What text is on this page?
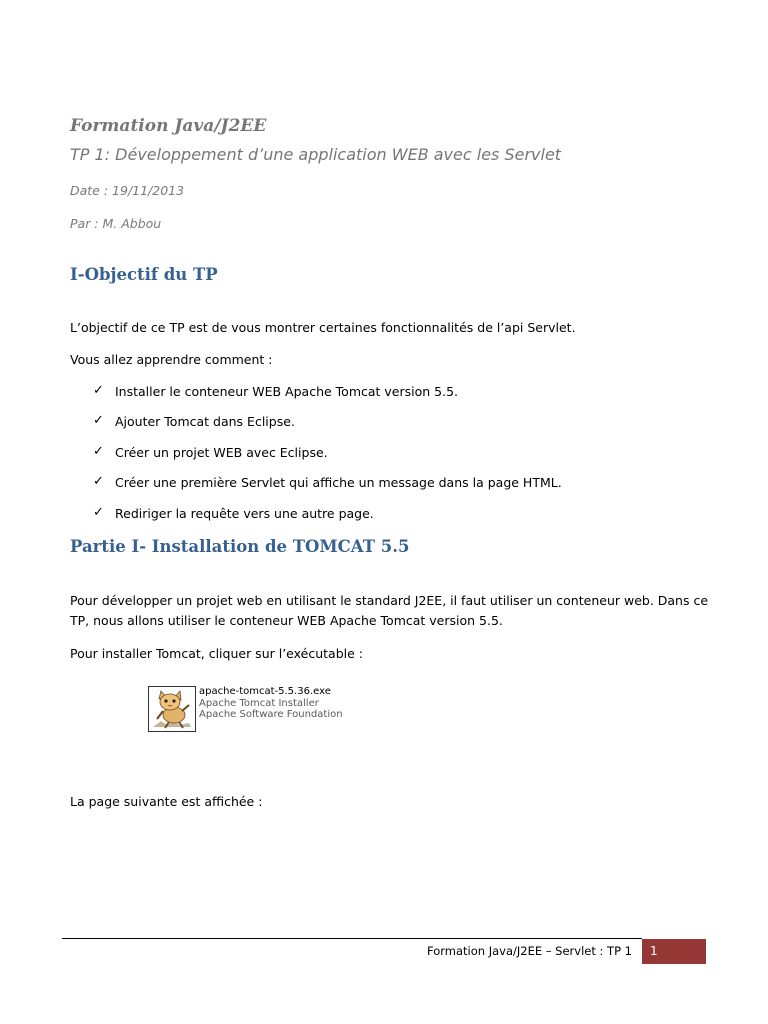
Formation Java/J2EE
TP 1: Développement d’une application WEB avec les Servlet
Date : 19/11/2013
Par : M. Abbou
I-Objectif du TP
L’objectif de ce TP est de vous montrer certaines fonctionnalités de l’api Servlet.
Vous allez apprendre comment :
✓ Installer le conteneur WEB Apache Tomcat version 5.5.
✓ Ajouter Tomcat dans Eclipse.
✓ Créer un projet WEB avec Eclipse.
✓ Créer une première Servlet qui affiche un message dans la page HTML.
✓ Rediriger la requête vers une autre page.
Partie I- Installation de TOMCAT 5.5
Pour développer un projet web en utilisant le standard J2EE, il faut utiliser un conteneur web. Dans ce TP, nous allons utiliser le conteneur WEB Apache Tomcat version 5.5.
Pour installer Tomcat, cliquer sur l’exécutable :
apache-tomcat-5.5.36.exe
Apache Tomcat Installer
Apache Software Foundation
La page suivante est affichée :
Formation Java/J2EE – Servlet : TP 1	1
